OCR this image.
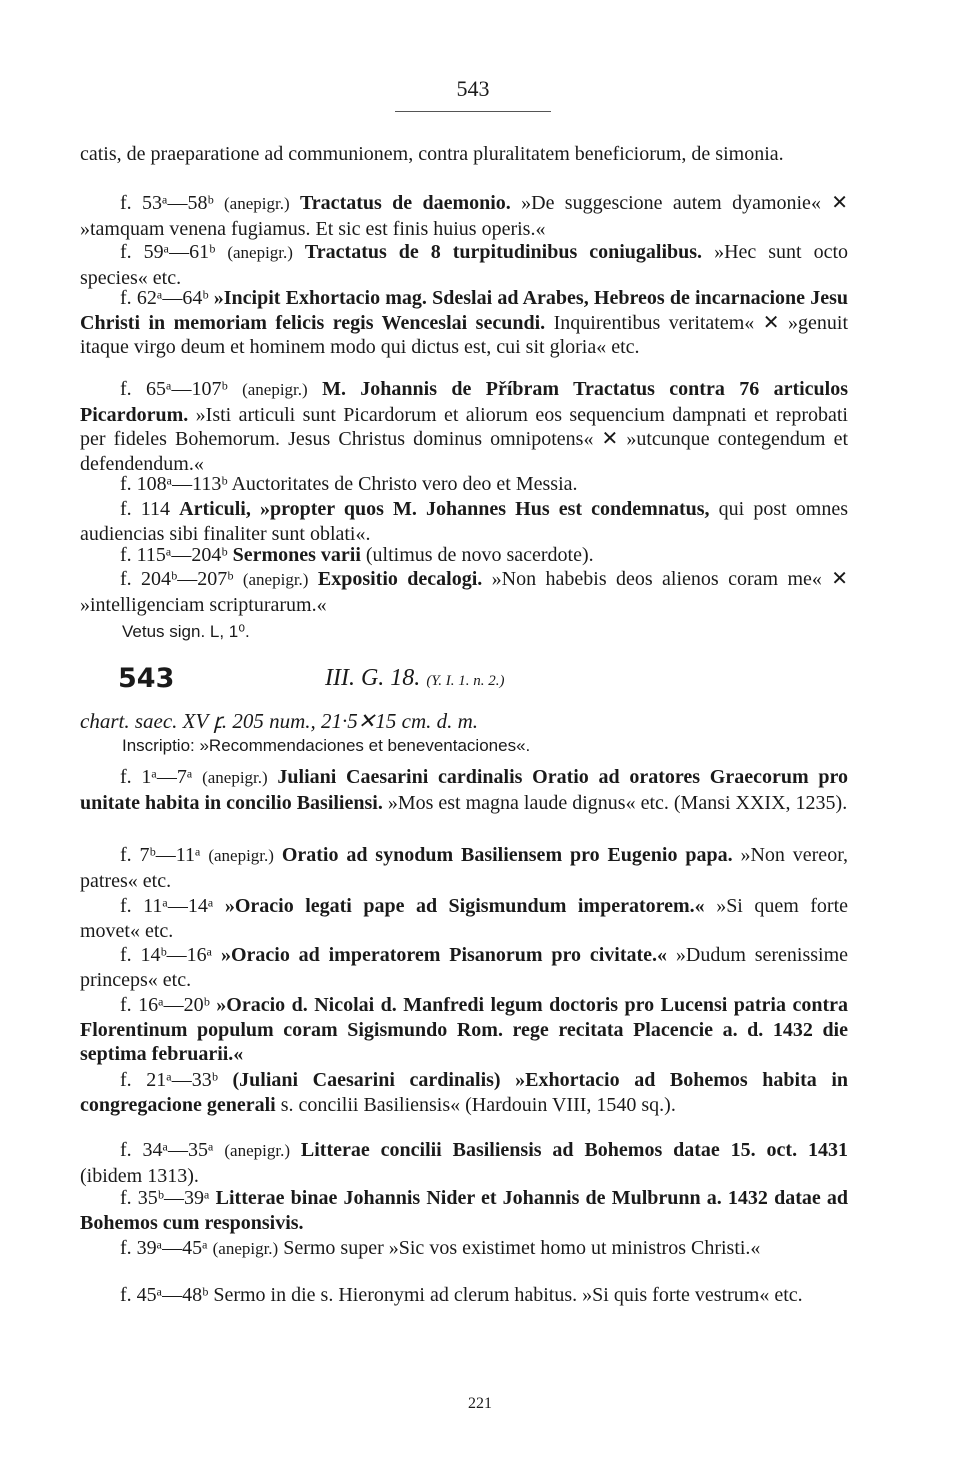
543
catis, de praeparatione ad communionem, contra pluralitatem beneficiorum, de simonia.
f. 53ᵃ—58ᵇ (anepigr.) Tractatus de daemonio. »De suggescione autem dyamonie« ✕ »tamquam venena fugiamus. Et sic est finis huius operis.«
f. 59ᵃ—61ᵇ (anepigr.) Tractatus de 8 turpitudinibus coniugalibus. »Hec sunt octo species« etc.
f. 62ᵃ—64ᵇ »Incipit Exhortacio mag. Sdeslai ad Arabes, Hebreos de incarnacione Jesu Christi in memoriam felicis regis Wenceslai secundi. Inquirentibus veritatem« ✕ »genuit itaque virgo deum et hominem modo qui dictus est, cui sit gloria« etc.
f. 65ᵃ—107ᵇ (anepigr.) M. Johannis de Příbram Tractatus contra 76 articulos Picardorum. »Isti articuli sunt Picardorum et aliorum eos sequencium dampnati et reprobati per fideles Bohemorum. Jesus Christus dominus omnipotens« ✕ »utcunque contegendum et defendendum.«
f. 108ᵃ—113ᵇ Auctoritates de Christo vero deo et Messia.
f. 114 Articuli, »propter quos M. Johannes Hus est condemnatus, qui post omnes audiencias sibi finaliter sunt oblati«.
f. 115ᵃ—204ᵇ Sermones varii (ultimus de novo sacerdote).
f. 204ᵇ—207ᵇ (anepigr.) Expositio decalogi. »Non habebis deos alienos coram me« ✕ »intelligenciam scripturarum.«
Vetus sign. L, 1⁰.
543	III. G. 18. (Y. I. 1. n. 2.)
chart. saec. XV ꝼ. 205 num., 21·5✕15 cm. d. m.
Inscriptio: »Recommendaciones et beneventaciones«.
f. 1ᵃ—7ᵃ (anepigr.) Juliani Caesarini cardinalis Oratio ad oratores Graecorum pro unitate habita in concilio Basiliensi. »Mos est magna laude dignus« etc. (Mansi XXIX, 1235).
f. 7ᵇ—11ᵃ (anepigr.) Oratio ad synodum Basiliensem pro Eugenio papa. »Non vereor, patres« etc.
f. 11ᵃ—14ᵃ »Oracio legati pape ad Sigismundum imperatorem.« »Si quem forte movet« etc.
f. 14ᵇ—16ᵃ »Oracio ad imperatorem Pisanorum pro civitate.« »Dudum serenissime princeps« etc.
f. 16ᵃ—20ᵇ »Oracio d. Nicolai d. Manfredi legum doctoris pro Lucensi patria contra Florentinum populum coram Sigismundo Rom. rege recitata Placencie a. d. 1432 die septima februarii.«
f. 21ᵃ—33ᵇ (Juliani Caesarini cardinalis) »Exhortacio ad Bohemos habita in congregacione generali s. concilii Basiliensis« (Hardouin VIII, 1540 sq.).
f. 34ᵃ—35ᵃ (anepigr.) Litterae concilii Basiliensis ad Bohemos datae 15. oct. 1431 (ibidem 1313).
f. 35ᵇ—39ᵃ Litterae binae Johannis Nider et Johannis de Mulbrunn a. 1432 datae ad Bohemos cum responsivis.
f. 39ᵃ—45ᵃ (anepigr.) Sermo super »Sic vos existimet homo ut ministros Christi.«
f. 45ᵃ—48ᵇ Sermo in die s. Hieronymi ad clerum habitus. »Si quis forte vestrum« etc.
221
